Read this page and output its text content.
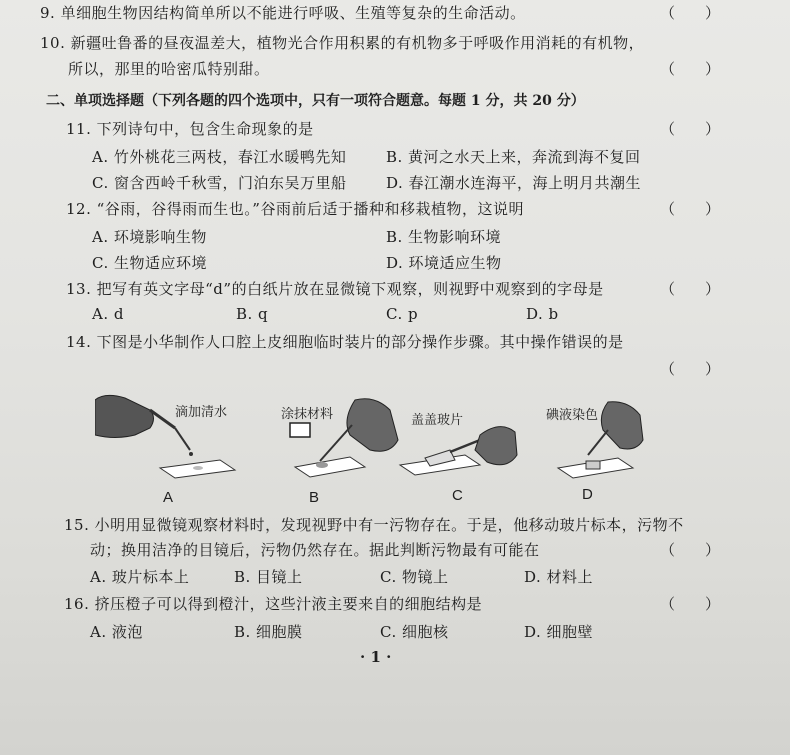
9. 单细胞生物因结构简单所以不能进行呼吸、生殖等复杂的生命活动。	（　　）
10. 新疆吐鲁番的昼夜温差大，植物光合作用积累的有机物多于呼吸作用消耗的有机物，
所以，那里的哈密瓜特别甜。	（　　）
二、单项选择题（下列各题的四个选项中，只有一项符合题意。每题 1 分，共 20 分）
11. 下列诗句中，包含生命现象的是	（　　）
A. 竹外桃花三两枝，春江水暖鸭先知	B. 黄河之水天上来，奔流到海不复回
C. 窗含西岭千秋雪，门泊东吴万里船	D. 春江潮水连海平，海上明月共潮生
12. “谷雨，谷得雨而生也。”谷雨前后适于播种和移栽植物，这说明	（　　）
A. 环境影响生物	B. 生物影响环境
C. 生物适应环境	D. 环境适应生物
13. 把写有英文字母“d”的白纸片放在显微镜下观察，则视野中观察到的字母是	（　　）
A. d	B. q	C. p	D. b
14. 下图是小华制作人口腔上皮细胞临时装片的部分操作步骤。其中操作错误的是
（　　）
滴加清水
A
涂抹材料
B
盖盖玻片
C
碘液染色
D
15. 小明用显微镜观察材料时，发现视野中有一污物存在。于是，他移动玻片标本，污物不
动；换用洁净的目镜后，污物仍然存在。据此判断污物最有可能在	（　　）
A. 玻片标本上	B. 目镜上	C. 物镜上	D. 材料上
16. 挤压橙子可以得到橙汁，这些汁液主要来自的细胞结构是	（　　）
A. 液泡	B. 细胞膜	C. 细胞核	D. 细胞壁
· 1 ·
